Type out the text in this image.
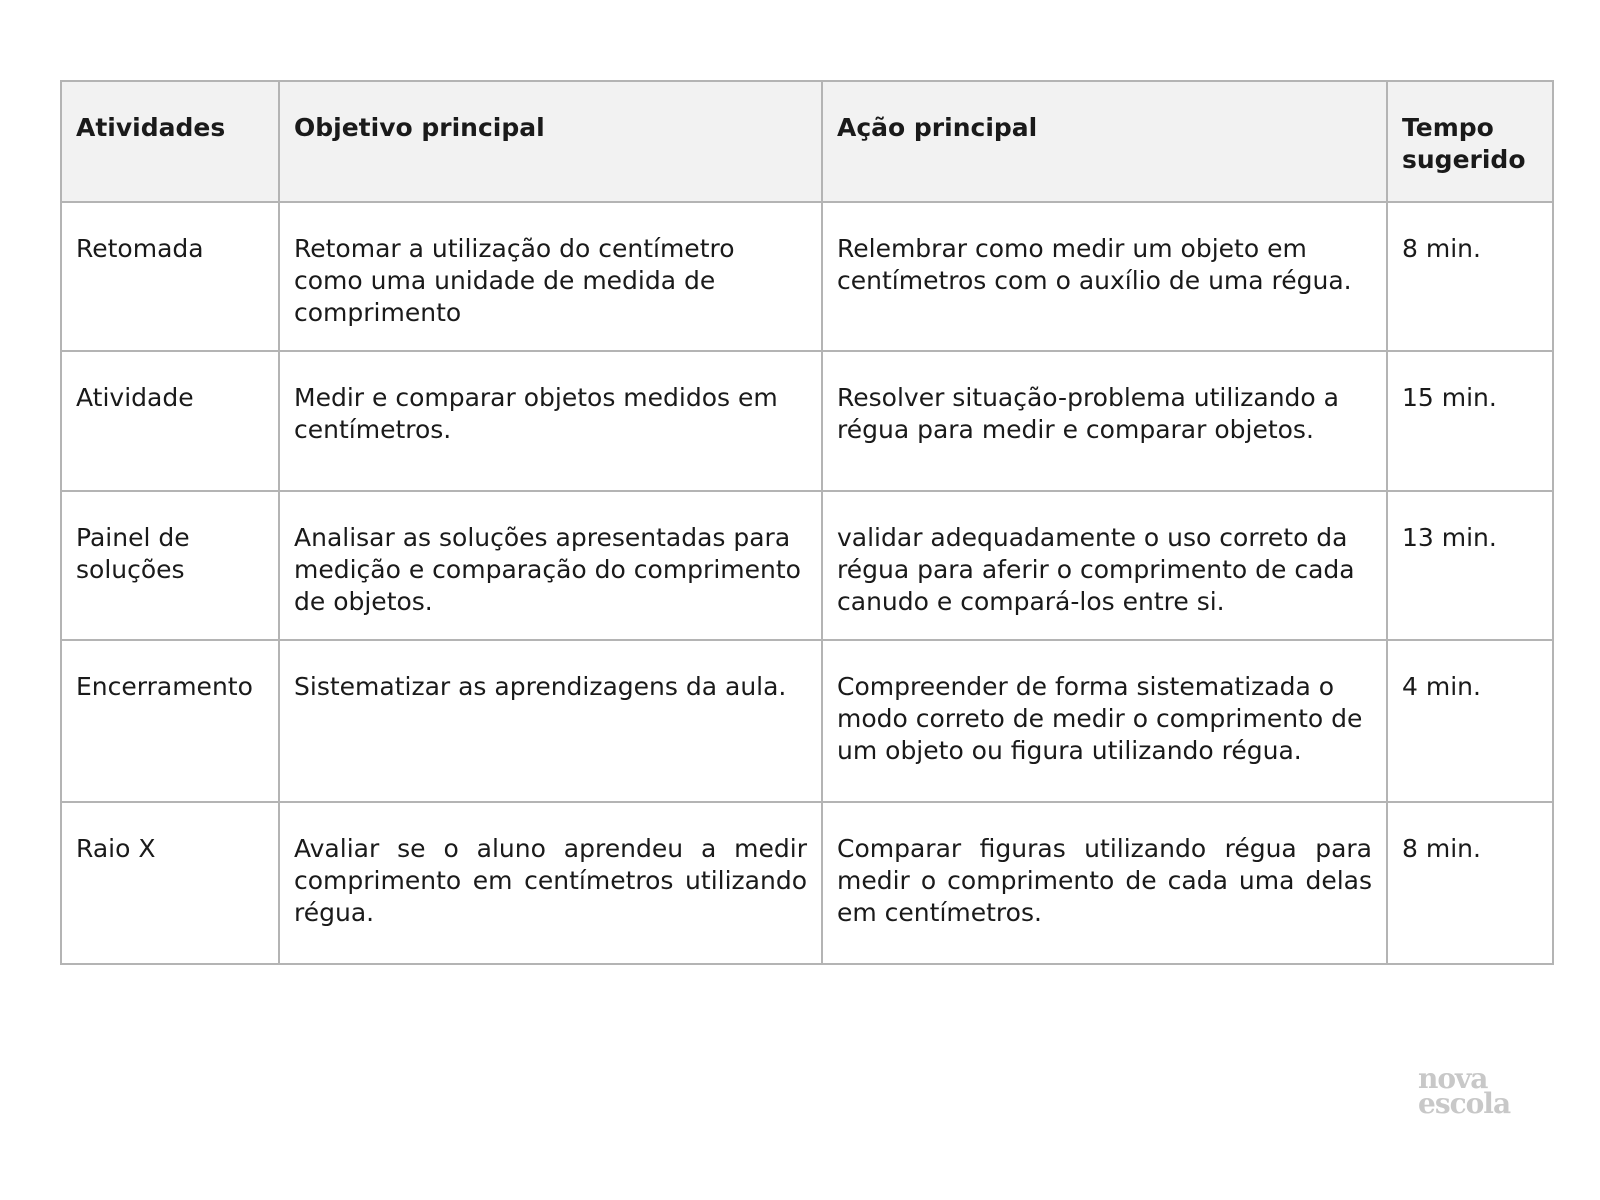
Atividades	Objetivo principal	Ação principal	Tempo sugerido
Retomada	Retomar a utilização do centímetro como uma unidade de medida de comprimento	Relembrar como medir um objeto em centímetros com o auxílio de uma régua.	8 min.
Atividade	Medir e comparar objetos medidos em centímetros.	Resolver situação-problema utilizando a régua para medir e comparar objetos.	15 min.
Painel de soluções	Analisar as soluções apresentadas para medição e comparação do comprimento de objetos.	validar adequadamente o uso correto da régua para aferir o comprimento de cada canudo e compará-los entre si.	13 min.
Encerramento	Sistematizar as aprendizagens da aula.	Compreender de forma sistematizada o modo correto de medir o comprimento de um objeto ou figura utilizando régua.	4 min.
Raio X	Avaliar se o aluno aprendeu a medir comprimento em centímetros utilizando régua.	Comparar figuras utilizando régua para medir o comprimento de cada uma delas em centímetros.	8 min.
nova
escola
